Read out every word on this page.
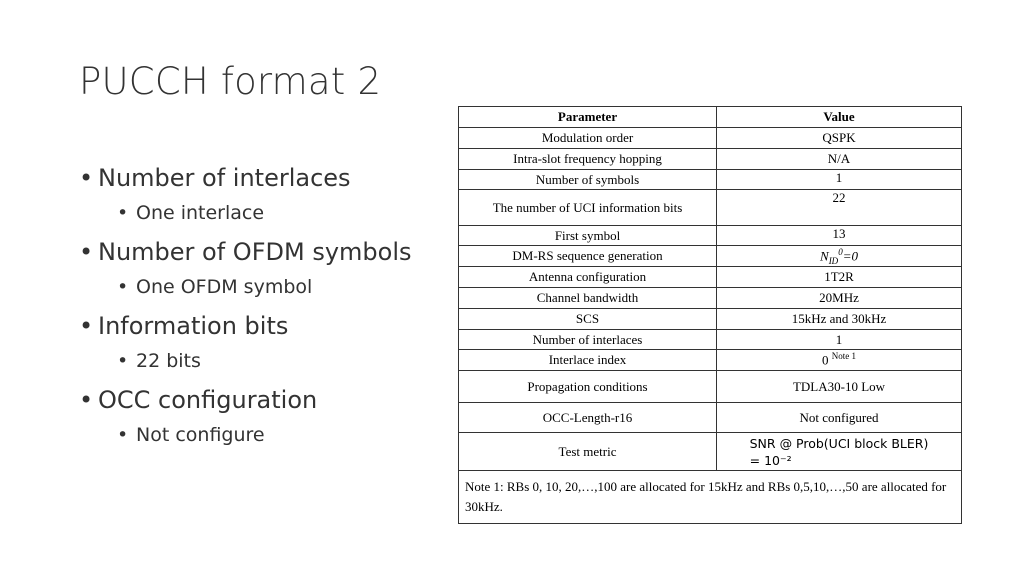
PUCCH format 2
• Number of interlaces
• One interlace
• Number of OFDM symbols
• One OFDM symbol
• Information bits
• 22 bits
• OCC configuration
• Not configure
Parameter	Value
Modulation order	QSPK
Intra-slot frequency hopping	N/A
Number of symbols	1
The number of UCI information bits	22
First symbol	13
DM-RS sequence generation	$N_{ID}^0=0$
Antenna configuration	1T2R
Channel bandwidth	20MHz
SCS	15kHz and 30kHz
Number of interlaces	1
Interlace index	0 $^{Note 1}$
Propagation conditions	TDLA30-10 Low
OCC-Length-r16	Not configured
Test metric	SNR @ Prob(UCI block BLER)
= 10⁻²
Note 1: RBs 0, 10, 20,…,100 are allocated for 15kHz and RBs 0,5,10,…,50 are allocated for 30kHz.	
